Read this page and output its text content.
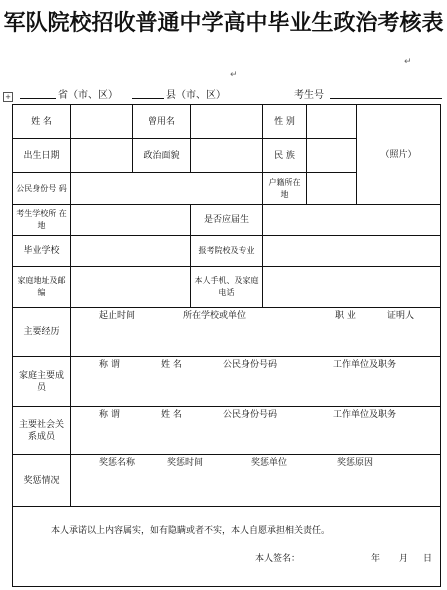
军队院校招收普通中学高中毕业生政治考核表
↵
↵
+	省（市、区）	县（市、区）	考生号
姓 名		曾用名		性 别		（照片）
出生日期		政治面貌		民 族		
公民身份号 码				户籍所在 地		
考生学校所 在 地			是否应届生			
毕业学校			报考院校及专业			
家庭地址及邮编			本人手机、及家庭电话			
主要经历	起止时间 所在学校或单位 职 业 证明人					

家庭主要成 员	称 谓 姓 名 公民身份号码 工作单位及职务					

主要社会关系成员	称 谓 姓 名 公民身份号码 工作单位及职务					

奖惩情况	奖惩名称 奖惩时间 奖惩单位 奖惩原因					

本人承诺以上内容属实，如有隐瞒或者不实，本人自愿承担相关责任。
本人签名： 年 月 日						
